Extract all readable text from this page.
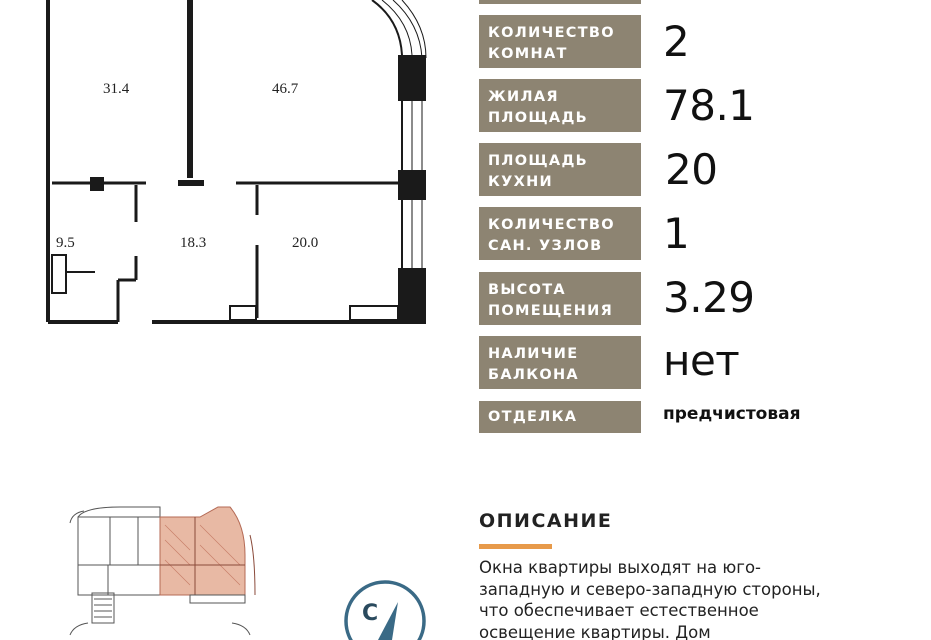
31.4	46.7
9.5	18.3	20.0
КОЛИЧЕСТВО
КОМНАТ	2
ЖИЛАЯ
ПЛОЩАДЬ	78.1
ПЛОЩАДЬ
КУХНИ	20
КОЛИЧЕСТВО
САН. УЗЛОВ	1
ВЫСОТА
ПОМЕЩЕНИЯ	3.29
НАЛИЧИЕ
БАЛКОНА	нет
ОТДЕЛКА	предчистовая
С
ОПИСАНИЕ
Окна квартиры выходят на юго-
западную и северо-западную стороны,
что обеспечивает естественное
освещение квартиры. Дом
